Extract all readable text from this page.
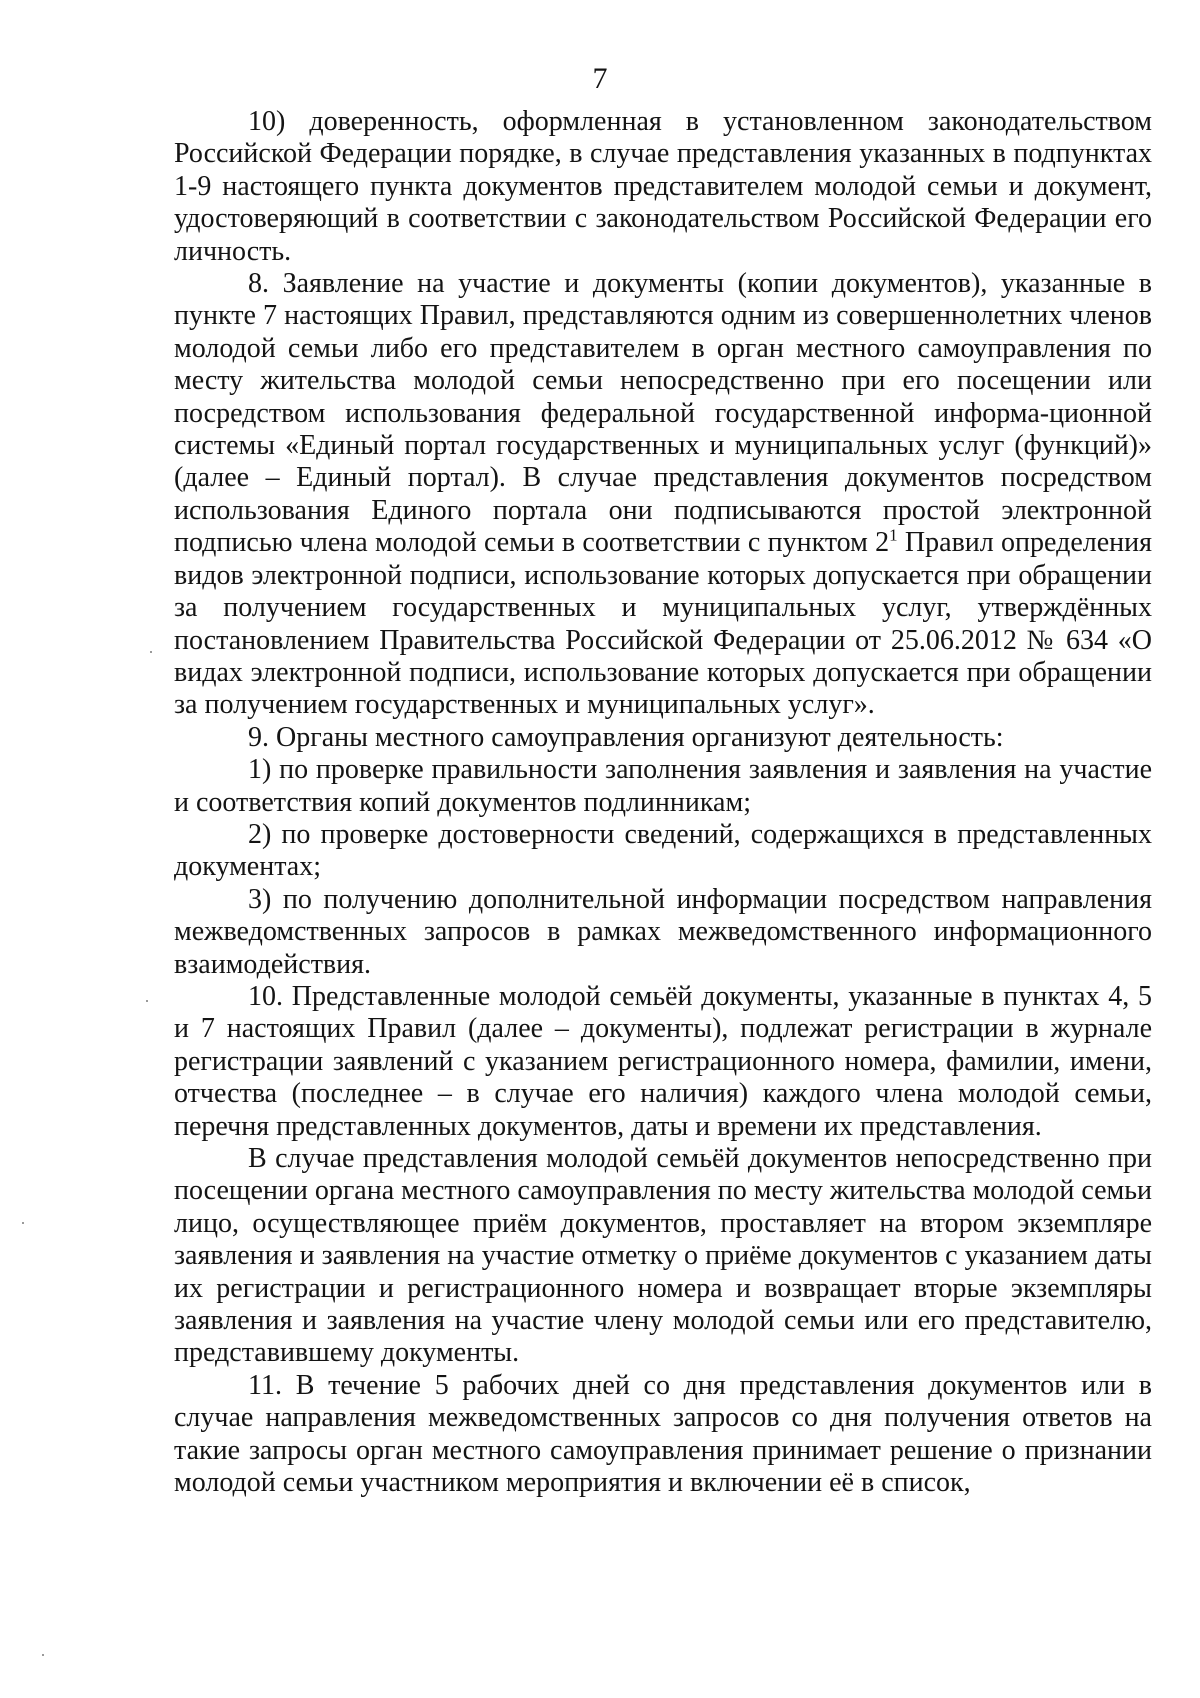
7

10) доверенность, оформленная в установленном законодательством Российской Федерации порядке, в случае представления указанных в подпунктах 1-9 настоящего пункта документов представителем молодой семьи и документ, удостоверяющий в соответствии с законодательством Российской Федерации его личность.

8. Заявление на участие и документы (копии документов), указанные в пункте 7 настоящих Правил, представляются одним из совершеннолетних членов молодой семьи либо его представителем в орган местного самоуправления по месту жительства молодой семьи непосредственно при его посещении или посредством использования федеральной государственной информа-ционной системы «Единый портал государственных и муниципальных услуг (функций)» (далее – Единый портал). В случае представления документов посредством использования Единого портала они подписываются простой электронной подписью члена молодой семьи в соответствии с пунктом $2^1$ Правил определения видов электронной подписи, использование которых допускается при обращении за получением государственных и муниципальных услуг, утверждённых постановлением Правительства Российской Федерации от 25.06.2012 № 634 «О видах электронной подписи, использование которых допускается при обращении за получением государственных и муниципальных услуг».

9. Органы местного самоуправления организуют деятельность:

1) по проверке правильности заполнения заявления и заявления на участие и соответствия копий документов подлинникам;

2) по проверке достоверности сведений, содержащихся в представленных документах;

3) по получению дополнительной информации посредством направления межведомственных запросов в рамках межведомственного информационного взаимодействия.

10. Представленные молодой семьёй документы, указанные в пунктах 4, 5 и 7 настоящих Правил (далее – документы), подлежат регистрации в журнале регистрации заявлений с указанием регистрационного номера, фамилии, имени, отчества (последнее – в случае его наличия) каждого члена молодой семьи, перечня представленных документов, даты и времени их представления.

В случае представления молодой семьёй документов непосредственно при посещении органа местного самоуправления по месту жительства молодой семьи лицо, осуществляющее приём документов, проставляет на втором экземпляре заявления и заявления на участие отметку о приёме документов с указанием даты их регистрации и регистрационного номера и возвращает вторые экземпляры заявления и заявления на участие члену молодой семьи или его представителю, представившему документы.

11. В течение 5 рабочих дней со дня представления документов или в случае направления межведомственных запросов со дня получения ответов на такие запросы орган местного самоуправления принимает решение о признании молодой семьи участником мероприятия и включении её в список,
